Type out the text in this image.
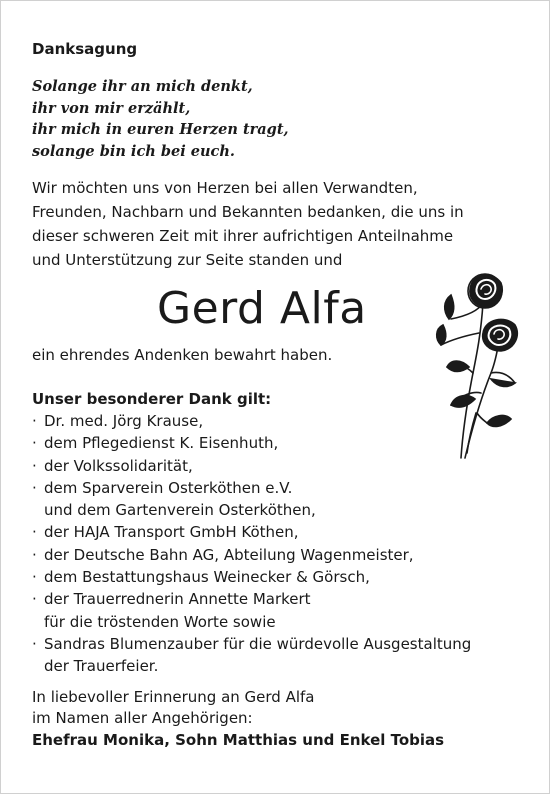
Danksagung
Solange ihr an mich denkt,
ihr von mir erzählt,
ihr mich in euren Herzen tragt,
solange bin ich bei euch.
Wir möchten uns von Herzen bei allen Verwandten,
Freunden, Nachbarn und Bekannten bedanken, die uns in
dieser schweren Zeit mit ihrer aufrichtigen Anteilnahme
und Unterstützung zur Seite standen und
Gerd Alfa
ein ehrendes Andenken bewahrt haben.
Unser besonderer Dank gilt:
· Dr. med. Jörg Krause,
· dem Pflegedienst K. Eisenhuth,
· der Volkssolidarität,
· dem Sparverein Osterköthen e.V.
und dem Gartenverein Osterköthen,
· der HAJA Transport GmbH Köthen,
· der Deutsche Bahn AG, Abteilung Wagenmeister,
· dem Bestattungshaus Weinecker & Görsch,
· der Trauerrednerin Annette Markert
für die tröstenden Worte sowie
· Sandras Blumenzauber für die würdevolle Ausgestaltung
der Trauerfeier.
In liebevoller Erinnerung an Gerd Alfa
im Namen aller Angehörigen:
Ehefrau Monika, Sohn Matthias und Enkel Tobias
